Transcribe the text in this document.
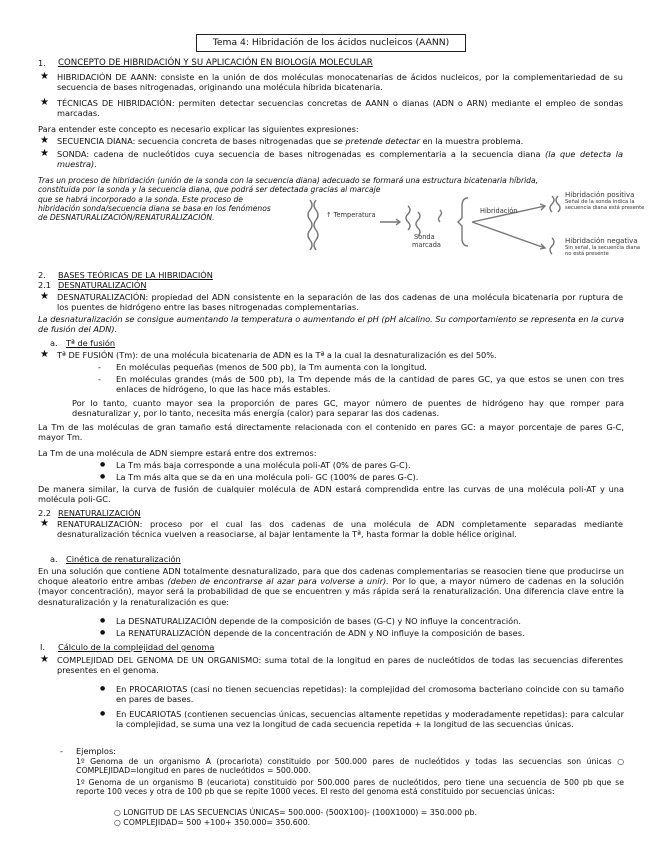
Tema 4: Hibridación de los ácidos nucleicos (AANN)
1. CONCEPTO DE HIBRIDACIÓN Y SU APLICACIÓN EN BIOLOGÍA MOLECULAR
★ HIBRIDACIÓN DE AANN: consiste en la unión de dos moléculas monocatenarias de ácidos nucleicos, por la complementariedad de su secuencia de bases nitrogenadas, originando una molécula híbrida bicatenaria.
★ TÉCNICAS DE HIBRIDACIÓN: permiten detectar secuencias concretas de AANN o dianas (ADN o ARN) mediante el empleo de sondas marcadas.
Para entender este concepto es necesario explicar las siguientes expresiones:
★ SECUENCIA DIANA: secuencia concreta de bases nitrogenadas que se pretende detectar en la muestra problema.
★ SONDA: cadena de nucleótidos cuya secuencia de bases nitrogenadas es complementaria a la secuencia diana (la que detecta la muestra).
Tras un proceso de hibridación (unión de la sonda con la secuencia diana) adecuado se formará una estructura bicatenaria híbrida,
constituida por la sonda y la secuencia diana, que podrá ser detectada gracias al marcaje
que se habrá incorporado a la sonda. Este proceso de
hibridación sonda/secuencia diana se basa en los fenómenos
de DESNATURALIZACIÓN/RENATURALIZACIÓN.	↑ Temperatura	Hibridación
Sonda
marcada
Hibridación positiva
Señal de la sonda indica la secuencia diana está presente
Hibridación negativa
Sin señal, la secuencia diana no está presente
2. BASES TEÓRICAS DE LA HIBRIDACIÓN
2.1 DESNATURALIZACIÓN
★ DESNATURALIZACIÓN: propiedad del ADN consistente en la separación de las dos cadenas de una molécula bicatenaria por ruptura de los puentes de hidrógeno entre las bases nitrogenadas complementarias.
La desnaturalización se consigue aumentando la temperatura o aumentando el pH (pH alcalino. Su comportamiento se representa en la curva de fusión del ADN).
a. Tª de fusión
★ Tª DE FUSIÓN (Tm): de una molécula bicatenaria de ADN es la Tª a la cual la desnaturalización es del 50%.
- En moléculas pequeñas (menos de 500 pb), la Tm aumenta con la longitud.
- En moléculas grandes (más de 500 pb), la Tm depende más de la cantidad de pares GC, ya que estos se unen con tres enlaces de hidrógeno, lo que las hace más estables.
Por lo tanto, cuanto mayor sea la proporción de pares GC, mayor número de puentes de hidrógeno hay que romper para desnaturalizar y, por lo tanto, necesita más energía (calor) para separar las dos cadenas.
La Tm de las moléculas de gran tamaño está directamente relacionada con el contenido en pares GC: a mayor porcentaje de pares G-C, mayor Tm.
La Tm de una molécula de ADN siempre estará entre dos extremos:
● La Tm más baja corresponde a una molécula poli-AT (0% de pares G-C).
● La Tm más alta que se da en una molécula poli- GC (100% de pares G-C).
De manera similar, la curva de fusión de cualquier molécula de ADN estará comprendida entre las curvas de una molécula poli-AT y una molécula poli-GC.
2.2 RENATURALIZACIÓN
★ RENATURALIZACIÓN: proceso por el cual las dos cadenas de una molécula de ADN completamente separadas mediante desnaturalización técnica vuelven a reasociarse, al bajar lentamente la Tª, hasta formar la doble hélice original.
a. Cinética de renaturalización
En una solución que contiene ADN totalmente desnaturalizado, para que dos cadenas complementarias se reasocien tiene que producirse un choque aleatorio entre ambas (deben de encontrarse al azar para volverse a unir). Por lo que, a mayor número de cadenas en la solución (mayor concentración), mayor será la probabilidad de que se encuentren y más rápida será la renaturalización. Una diferencia clave entre la desnaturalización y la renaturalización es que:
● La DESNATURALIZACIÓN depende de la composición de bases (G-C) y NO influye la concentración.
● La RENATURALIZACIÓN depende de la concentración de ADN y NO influye la composición de bases.
I. Cálculo de la complejidad del genoma
★ COMPLEJIDAD DEL GENOMA DE UN ORGANISMO: suma total de la longitud en pares de nucleótidos de todas las secuencias diferentes presentes en el genoma.
● En PROCARIOTAS (casi no tienen secuencias repetidas): la complejidad del cromosoma bacteriano coincide con su tamaño en pares de bases.
● En EUCARIOTAS (contienen secuencias únicas, secuencias altamente repetidas y moderadamente repetidas): para calcular la complejidad, se suma una vez la longitud de cada secuencia repetida + la longitud de las secuencias únicas.
- Ejemplos:
1º Genoma de un organismo A (procariota) constituido por 500.000 pares de nucleótidos y todas las secuencias son únicas ○ COMPLEJIDAD=longitud en pares de nucleótidos = 500.000.
1º Genoma de un organismo B (eucariota) constituido por 500.000 pares de nucleótidos, pero tiene una secuencia de 500 pb que se reporte 100 veces y otra de 100 pb que se repite 1000 veces. El resto del genoma está constituido por secuencias únicas:
○ LONGITUD DE LAS SECUENCIAS ÚNICAS= 500.000- (500X100)- (100X1000) = 350.000 pb.
○ COMPLEJIDAD= 500 +100+ 350.000= 350.600.
